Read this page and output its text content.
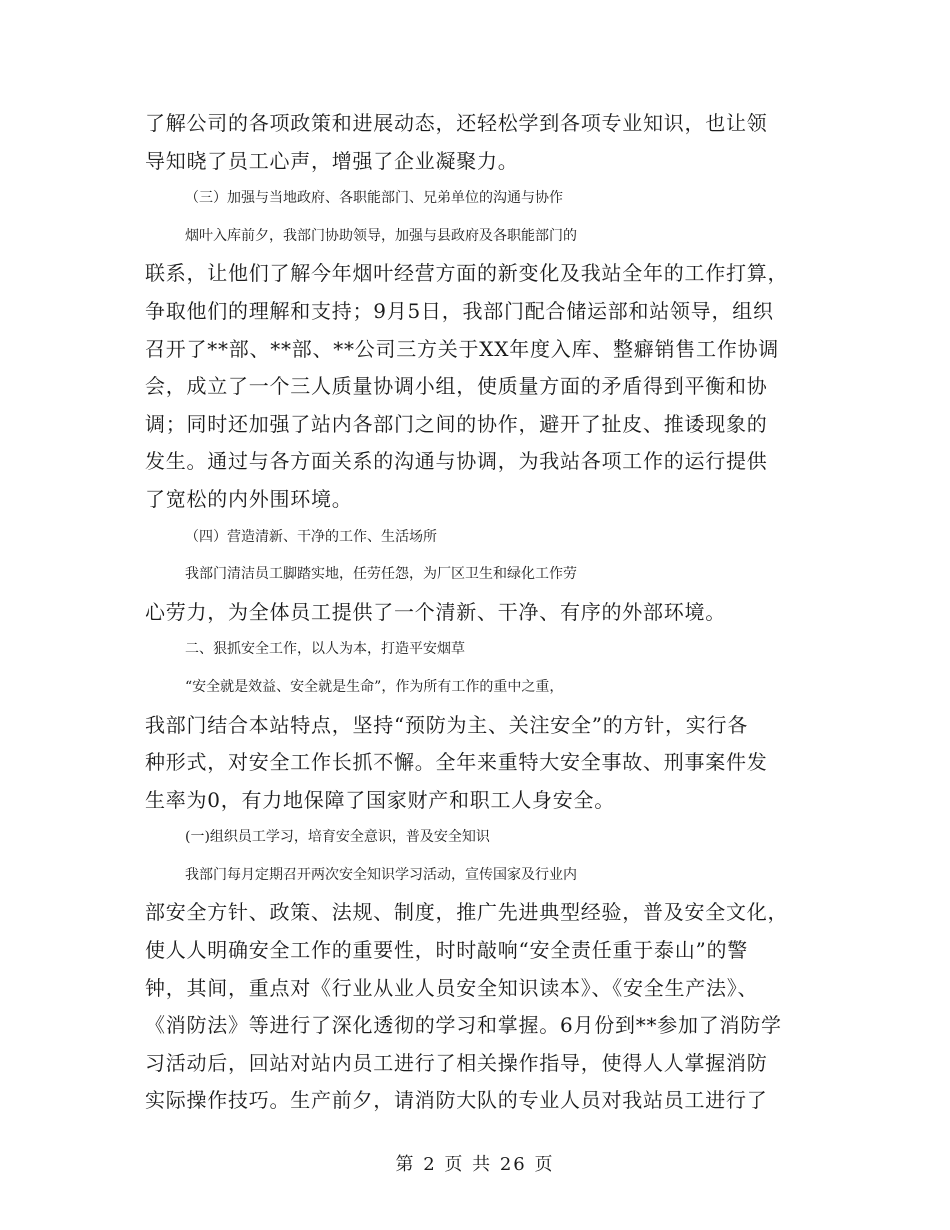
了解公司的各项政策和进展动态，还轻松学到各项专业知识，也让领
导知晓了员工心声，增强了企业凝聚力。
（三）加强与当地政府、各职能部门、兄弟单位的沟通与协作
烟叶入库前夕，我部门协助领导，加强与县政府及各职能部门的
联系，让他们了解今年烟叶经营方面的新变化及我站全年的工作打算，
争取他们的理解和支持；9月5日，我部门配合储运部和站领导，组织
召开了**部、**部、**公司三方关于XX年度入库、整癖销售工作协调
会，成立了一个三人质量协调小组，使质量方面的矛盾得到平衡和协
调；同时还加强了站内各部门之间的协作，避开了扯皮、推诿现象的
发生。通过与各方面关系的沟通与协调，为我站各项工作的运行提供
了宽松的内外围环境。
（四）营造清新、干净的工作、生活场所
我部门清洁员工脚踏实地，任劳任怨，为厂区卫生和绿化工作劳
心劳力，为全体员工提供了一个清新、干净、有序的外部环境。
二、狠抓安全工作，以人为本，打造平安烟草
“安全就是效益、安全就是生命”，作为所有工作的重中之重，
我部门结合本站特点，坚持“预防为主、关注安全”的方针，实行各
种形式，对安全工作长抓不懈。全年来重特大安全事故、刑事案件发
生率为0，有力地保障了国家财产和职工人身安全。
(一)组织员工学习，培育安全意识，普及安全知识
我部门每月定期召开两次安全知识学习活动，宣传国家及行业内
部安全方针、政策、法规、制度，推广先进典型经验，普及安全文化，
使人人明确安全工作的重要性，时时敲响“安全责任重于泰山”的警
钟，其间，重点对《行业从业人员安全知识读本》、《安全生产法》、
《消防法》等进行了深化透彻的学习和掌握。6月份到**参加了消防学
习活动后，回站对站内员工进行了相关操作指导，使得人人掌握消防
实际操作技巧。生产前夕，请消防大队的专业人员对我站员工进行了
第 2 页 共 26 页
